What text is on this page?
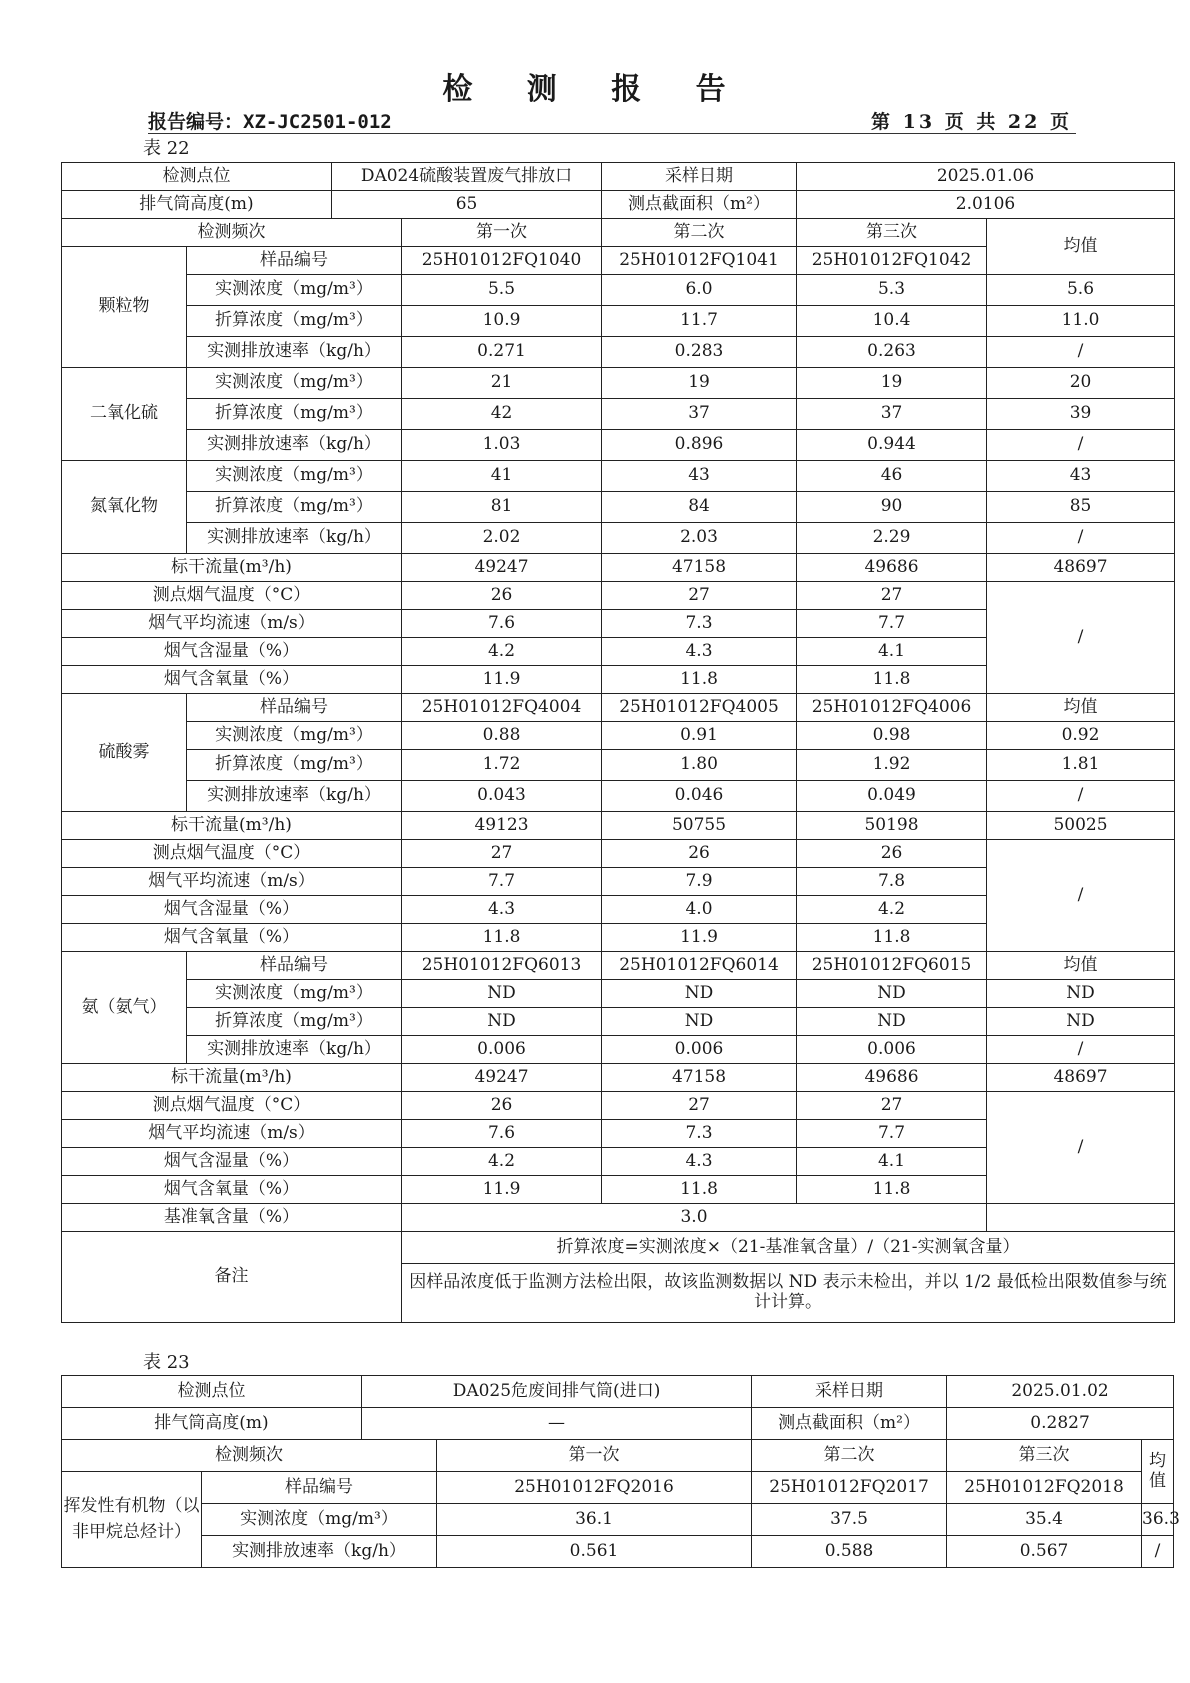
检 测 报 告
报告编号：XZ-JC2501-012	第 13 页 共 22 页
表 22
检测点位		DA024硫酸装置废气排放口		采样日期	2025.01.06	
排气筒高度(m)		65		测点截面积（m²）	2.0106	
检测频次			第一次	第二次	第三次	均值
颗粒物	样品编号		25H01012FQ1040	25H01012FQ1041	25H01012FQ1042	
	实测浓度（mg/m³）		5.5	6.0	5.3	5.6
	折算浓度（mg/m³）		10.9	11.7	10.4	11.0
	实测排放速率（kg/h）		0.271	0.283	0.263	/
二氧化硫	实测浓度（mg/m³）		21	19	19	20
	折算浓度（mg/m³）		42	37	37	39
	实测排放速率（kg/h）		1.03	0.896	0.944	/
氮氧化物	实测浓度（mg/m³）		41	43	46	43
	折算浓度（mg/m³）		81	84	90	85
	实测排放速率（kg/h）		2.02	2.03	2.29	/
标干流量(m³/h)			49247	47158	49686	48697
测点烟气温度（°C）			26	27	27	/
烟气平均流速（m/s）			7.6	7.3	7.7	
烟气含湿量（%）			4.2	4.3	4.1	
烟气含氧量（%）			11.9	11.8	11.8	
硫酸雾	样品编号		25H01012FQ4004	25H01012FQ4005	25H01012FQ4006	均值
	实测浓度（mg/m³）		0.88	0.91	0.98	0.92
	折算浓度（mg/m³）		1.72	1.80	1.92	1.81
	实测排放速率（kg/h）		0.043	0.046	0.049	/
标干流量(m³/h)			49123	50755	50198	50025
测点烟气温度（°C）			27	26	26	/
烟气平均流速（m/s）			7.7	7.9	7.8	
烟气含湿量（%）			4.3	4.0	4.2	
烟气含氧量（%）			11.8	11.9	11.8	
氨（氨气）	样品编号		25H01012FQ6013	25H01012FQ6014	25H01012FQ6015	均值
	实测浓度（mg/m³）		ND	ND	ND	ND
	折算浓度（mg/m³）		ND	ND	ND	ND
	实测排放速率（kg/h）		0.006	0.006	0.006	/
标干流量(m³/h)			49247	47158	49686	48697
测点烟气温度（°C）			26	27	27	/
烟气平均流速（m/s）			7.6	7.3	7.7	
烟气含湿量（%）			4.2	4.3	4.1	
烟气含氧量（%）			11.9	11.8	11.8	
基准氧含量（%）			3.0			
备注			折算浓度=实测浓度×（21-基准氧含量）/（21-实测氧含量）			
			因样品浓度低于监测方法检出限，故该监测数据以 ND 表示未检出，并以 1/2 最低检出限数值参与统计计算。			
表 23
检测点位		DA025危废间排气筒(进口)		采样日期	2025.01.02	
排气筒高度(m)		—		测点截面积（m²）	0.2827	
检测频次			第一次	第二次	第三次	均值
挥发性有机物（以非甲烷总烃计）	样品编号		25H01012FQ2016	25H01012FQ2017	25H01012FQ2018	
	实测浓度（mg/m³）		36.1	37.5	35.4	36.3
	实测排放速率（kg/h）		0.561	0.588	0.567	/
